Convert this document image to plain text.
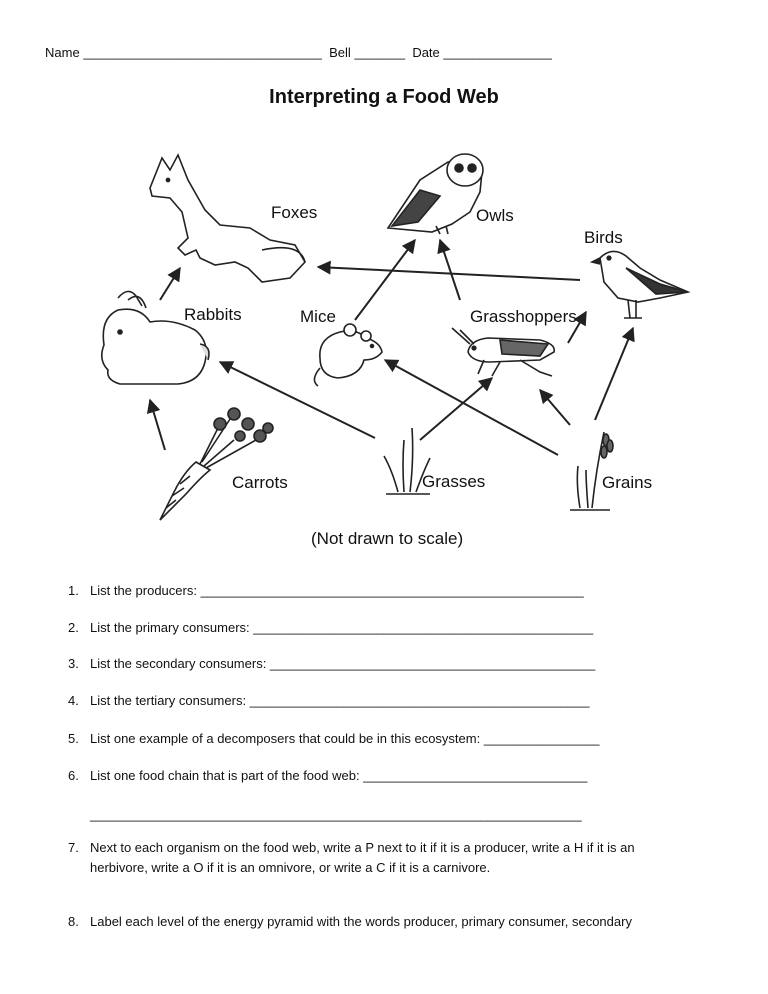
Name _________________________________ Bell _______ Date _______________
Interpreting a Food Web
Foxes	Owls
Birds
Rabbits	Mice	Grasshoppers
Carrots	Grasses	Grains
(Not drawn to scale)
1. List the producers: _____________________________________________________
2. List the primary consumers: _______________________________________________
3. List the secondary consumers: _____________________________________________
4. List the tertiary consumers: _______________________________________________
5. List one example of a decomposers that could be in this ecosystem: ________________
6. List one food chain that is part of the food web: _______________________________
____________________________________________________________________
7. Next to each organism on the food web, write a P next to it if it is a producer, write a H if it is an herbivore, write a O if it is an omnivore, or write a C if it is a carnivore.
8. Label each level of the energy pyramid with the words producer, primary consumer, secondary
